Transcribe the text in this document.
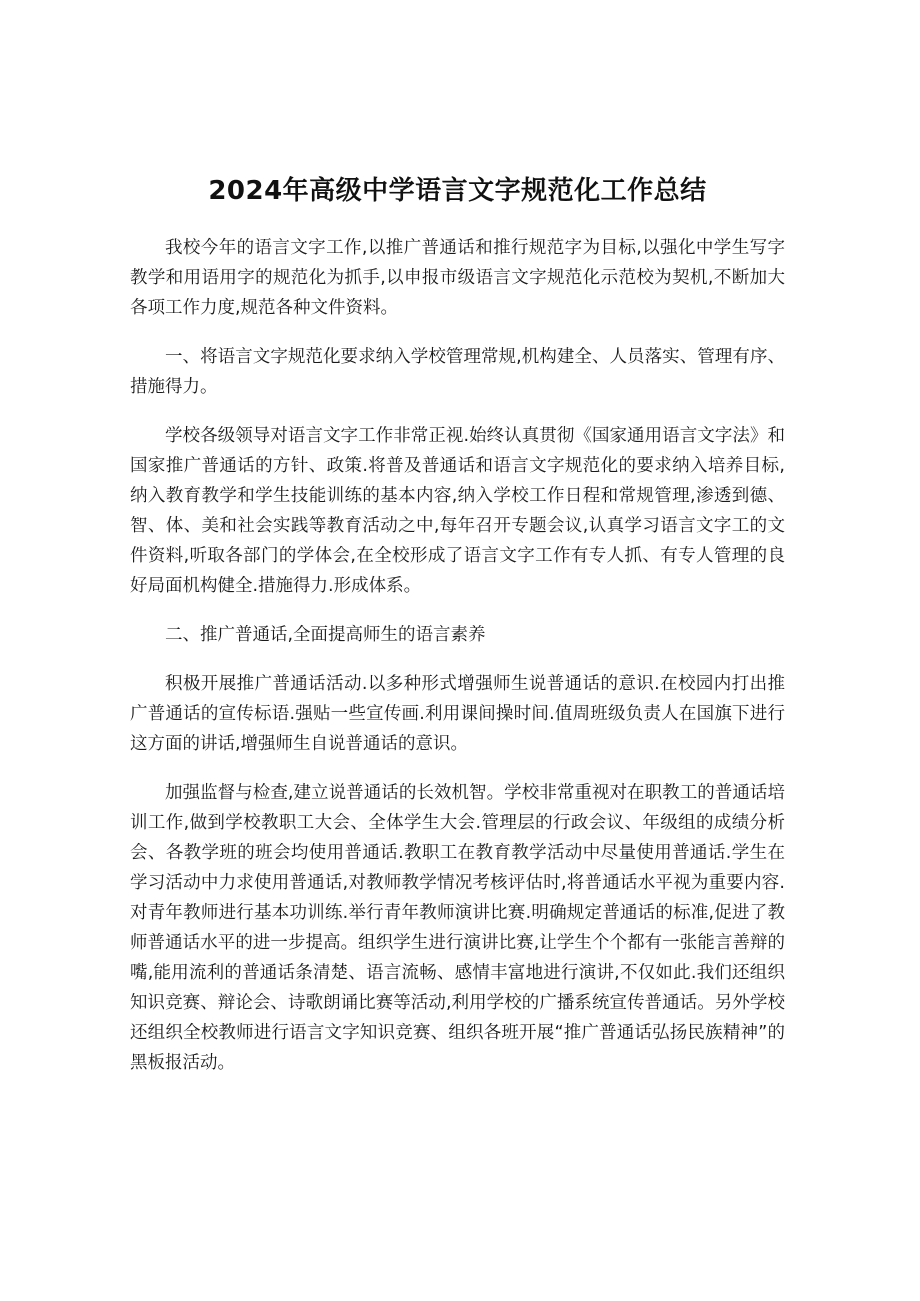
2024年高级中学语言文字规范化工作总结

我校今年的语言文字工作,以推广普通话和推行规范字为目标,以强化中学生写字教学和用语用字的规范化为抓手,以申报市级语言文字规范化示范校为契机,不断加大各项工作力度,规范各种文件资料。

一、将语言文字规范化要求纳入学校管理常规,机构建全、人员落实、管理有序、措施得力。

学校各级领导对语言文字工作非常正视.始终认真贯彻《国家通用语言文字法》和国家推广普通话的方针、政策.将普及普通话和语言文字规范化的要求纳入培养目标,纳入教育教学和学生技能训练的基本内容,纳入学校工作日程和常规管理,渗透到德、智、体、美和社会实践等教育活动之中,每年召开专题会议,认真学习语言文字工的文件资料,听取各部门的学体会,在全校形成了语言文字工作有专人抓、有专人管理的良好局面机构健全.措施得力.形成体系。

二、推广普通话,全面提高师生的语言素养

积极开展推广普通话活动.以多种形式增强师生说普通话的意识.在校园内打出推广普通话的宣传标语.强贴一些宣传画.利用课间操时间.值周班级负责人在国旗下进行这方面的讲话,增强师生自说普通话的意识。

加强监督与检查,建立说普通话的长效机智。学校非常重视对在职教工的普通话培训工作,做到学校教职工大会、全体学生大会.管理层的行政会议、年级组的成绩分析会、各教学班的班会均使用普通话.教职工在教育教学活动中尽量使用普通话.学生在学习活动中力求使用普通话,对教师教学情况考核评估时,将普通话水平视为重要内容.对青年教师进行基本功训练.举行青年教师演讲比赛.明确规定普通话的标准,促进了教师普通话水平的进一步提高。组织学生进行演讲比赛,让学生个个都有一张能言善辩的嘴,能用流利的普通话条清楚、语言流畅、感情丰富地进行演讲,不仅如此.我们还组织知识竞赛、辩论会、诗歌朗诵比赛等活动,利用学校的广播系统宣传普通话。另外学校还组织全校教师进行语言文字知识竞赛、组织各班开展“推广普通话弘扬民族精神”的黑板报活动。
